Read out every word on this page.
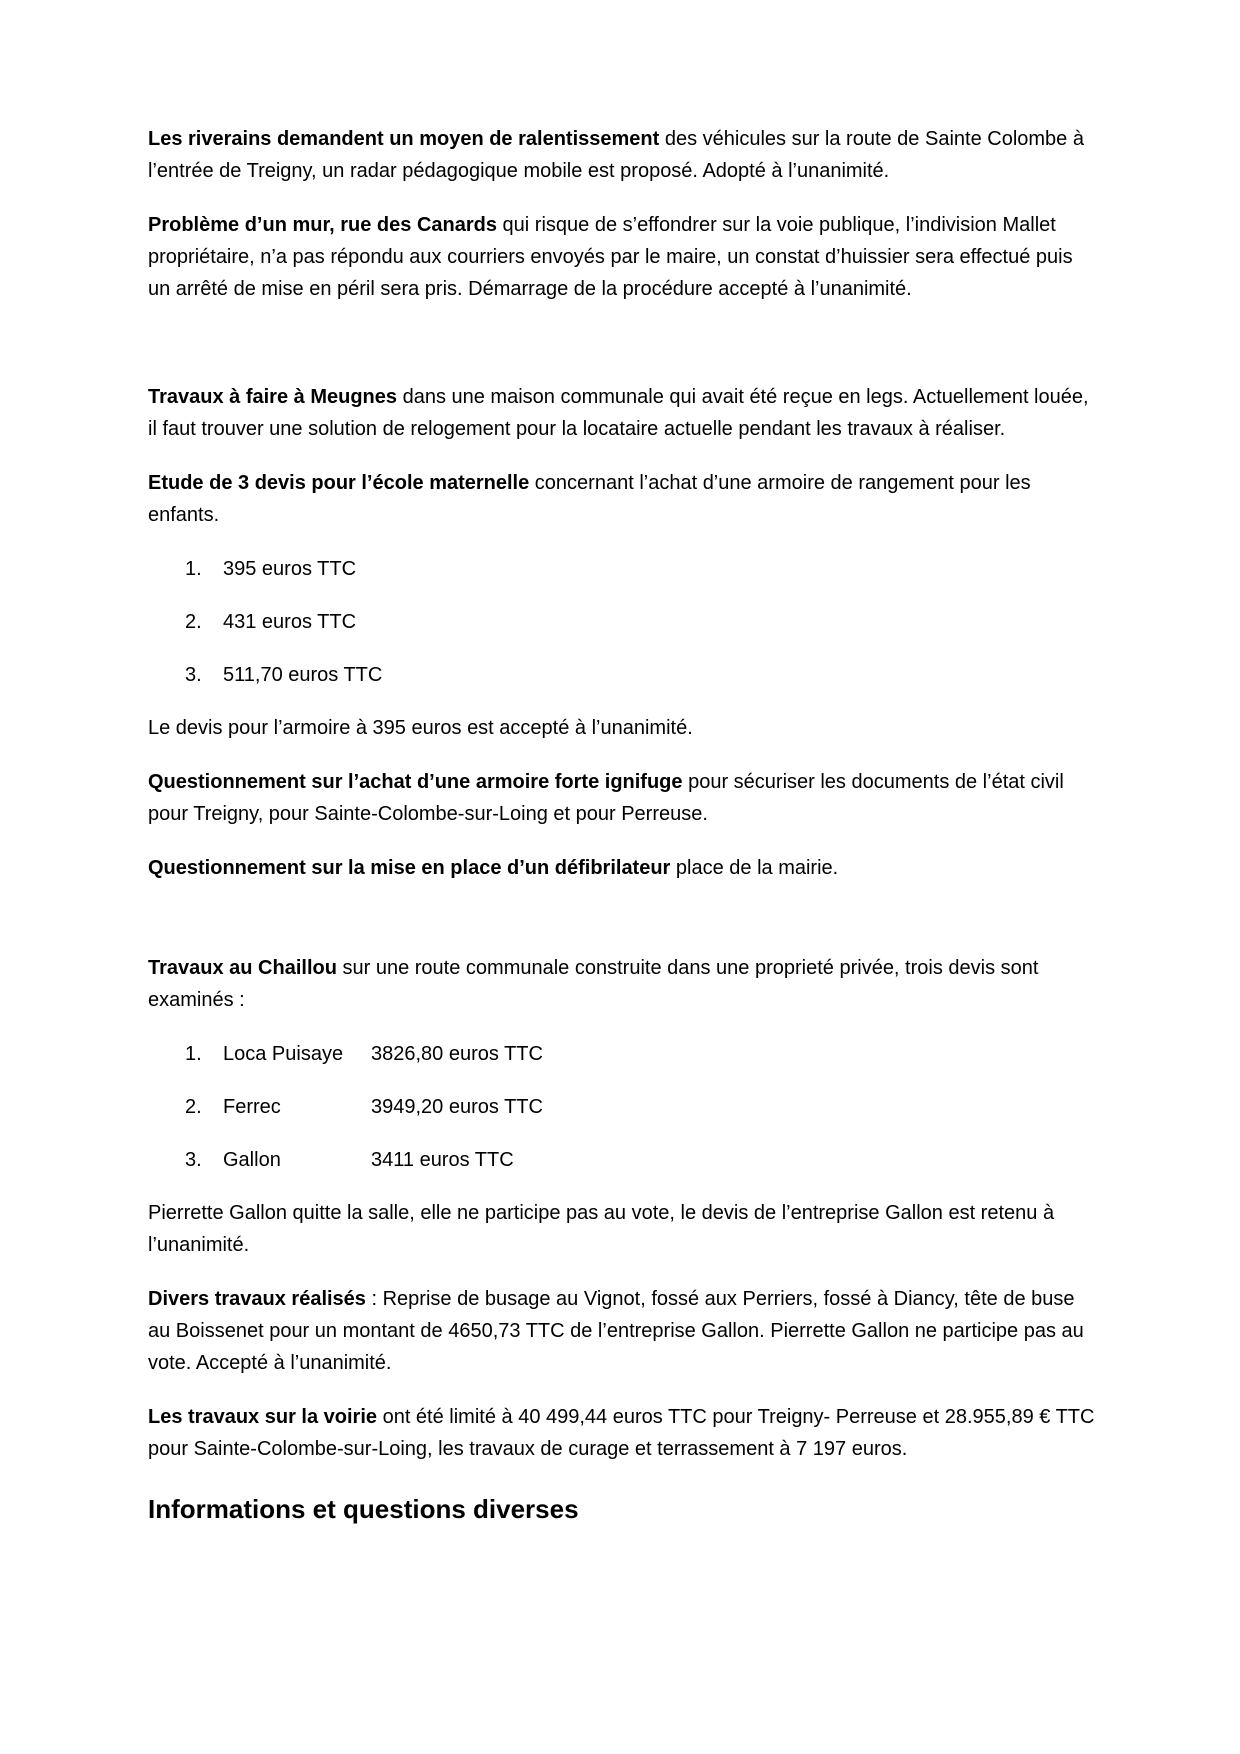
Les riverains demandent un moyen de ralentissement des véhicules sur la route de Sainte Colombe à l’entrée de Treigny, un radar pédagogique mobile est proposé. Adopté à l’unanimité.

Problème d’un mur, rue des Canards qui risque de s’effondrer sur la voie publique, l’indivision Mallet propriétaire, n’a pas répondu aux courriers envoyés par le maire, un constat d’huissier sera effectué puis un arrêté de mise en péril sera pris. Démarrage de la procédure accepté à l’unanimité.

Travaux à faire à Meugnes dans une maison communale qui avait été reçue en legs. Actuellement louée, il faut trouver une solution de relogement pour la locataire actuelle pendant les travaux à réaliser.

Etude de 3 devis pour l’école maternelle concernant l’achat d’une armoire de rangement pour les enfants.

1.	395 euros TTC
2.	431 euros TTC
3.	511,70 euros TTC

Le devis pour l’armoire à 395 euros est accepté à l’unanimité.

Questionnement sur l’achat d’une armoire forte ignifuge pour sécuriser les documents de l’état civil pour Treigny, pour Sainte-Colombe-sur-Loing et pour Perreuse.

Questionnement sur la mise en place d’un défibrilateur place de la mairie.

Travaux au Chaillou sur une route communale construite dans une proprieté privée, trois devis sont examinés :

1.	Loca Puisaye	3826,80 euros TTC
2.	Ferrec	3949,20 euros TTC
3.	Gallon	3411 euros TTC

Pierrette Gallon quitte la salle, elle ne participe pas au vote, le devis de l’entreprise Gallon est retenu à l’unanimité.

Divers travaux réalisés : Reprise de busage au Vignot, fossé aux Perriers, fossé à Diancy, tête de buse au Boissenet pour un montant de 4650,73 TTC de l’entreprise Gallon. Pierrette Gallon ne participe pas au vote. Accepté à l’unanimité.

Les travaux sur la voirie ont été limité à 40 499,44 euros TTC pour Treigny- Perreuse et 28.955,89 € TTC pour Sainte-Colombe-sur-Loing, les travaux de curage et terrassement à 7 197 euros.

Informations et questions diverses
